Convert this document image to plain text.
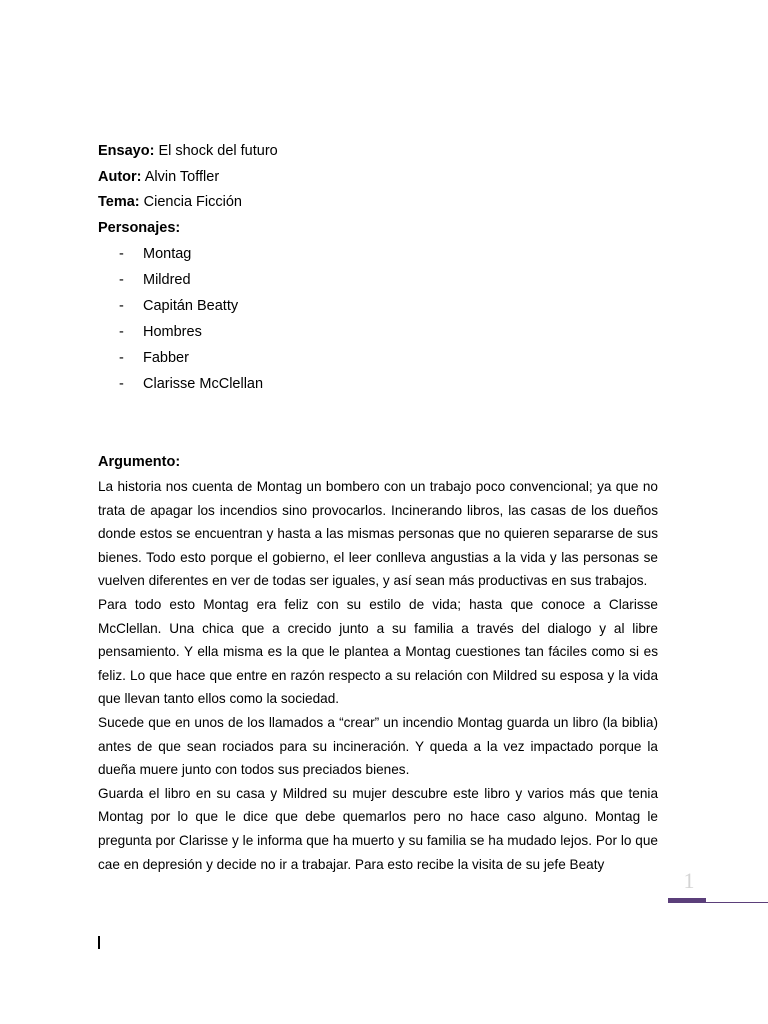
Ensayo: El shock del futuro
Autor: Alvin Toffler
Tema: Ciencia Ficción
Personajes:
- Montag
- Mildred
- Capitán Beatty
- Hombres
- Fabber
- Clarisse McClellan
Argumento:

La historia nos cuenta de Montag un bombero con un trabajo poco convencional; ya que no trata de apagar los incendios sino provocarlos. Incinerando libros, las casas de los dueños donde estos se encuentran y hasta a las mismas personas que no quieren separarse de sus bienes. Todo esto porque el gobierno, el leer conlleva angustias a la vida y las personas se vuelven diferentes en ver de todas ser iguales, y así sean más productivas en sus trabajos.

Para todo esto Montag era feliz con su estilo de vida; hasta que conoce a Clarisse McClellan. Una chica que a crecido junto a su familia a través del dialogo y al libre pensamiento. Y ella misma es la que le plantea a Montag cuestiones tan fáciles como si es feliz. Lo que hace que entre en razón respecto a su relación con Mildred su esposa y la vida que llevan tanto ellos como la sociedad.

Sucede que en unos de los llamados a “crear” un incendio Montag guarda un libro (la biblia) antes de que sean rociados para su incineración. Y queda a la vez impactado porque la dueña muere junto con todos sus preciados bienes.

Guarda el libro en su casa y Mildred su mujer descubre este libro y varios más que tenia Montag por lo que le dice que debe quemarlos pero no hace caso alguno. Montag le pregunta por Clarisse y le informa que ha muerto y su familia se ha mudado lejos. Por lo que cae en depresión y decide no ir a trabajar. Para esto recibe la visita de su jefe Beaty

1
